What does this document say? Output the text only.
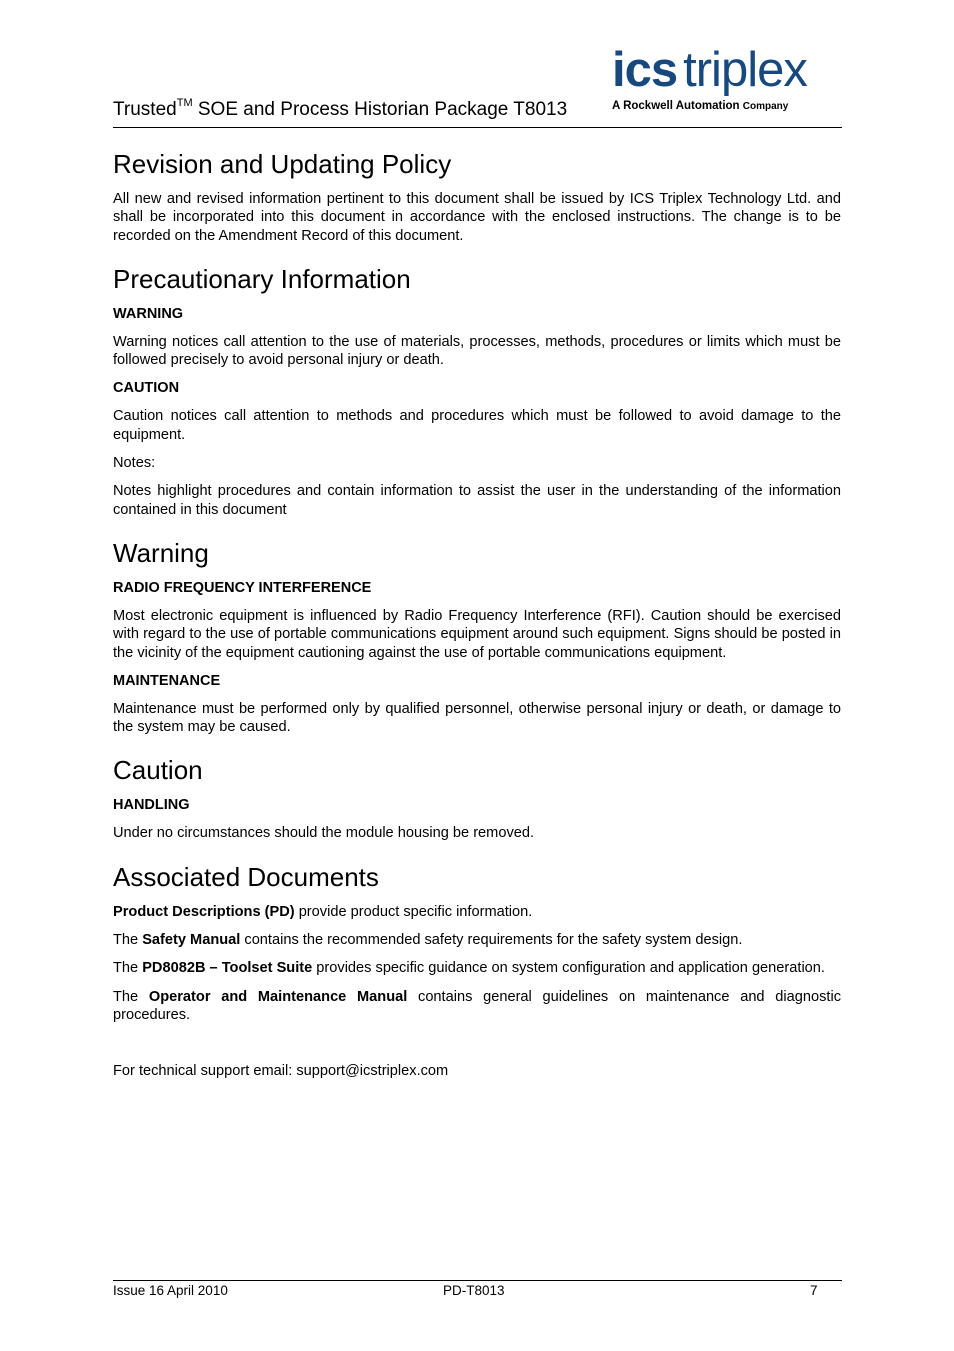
Trusted™ SOE and Process Historian Package T8013
ics triplex
A Rockwell Automation Company
Revision and Updating Policy

All new and revised information pertinent to this document shall be issued by ICS Triplex Technology Ltd. and shall be incorporated into this document in accordance with the enclosed instructions. The change is to be recorded on the Amendment Record of this document.

Precautionary Information
WARNING

Warning notices call attention to the use of materials, processes, methods, procedures or limits which must be followed precisely to avoid personal injury or death.

CAUTION

Caution notices call attention to methods and procedures which must be followed to avoid damage to the equipment.

Notes:

Notes highlight procedures and contain information to assist the user in the understanding of the information contained in this document

Warning
RADIO FREQUENCY INTERFERENCE

Most electronic equipment is influenced by Radio Frequency Interference (RFI). Caution should be exercised with regard to the use of portable communications equipment around such equipment. Signs should be posted in the vicinity of the equipment cautioning against the use of portable communications equipment.

MAINTENANCE

Maintenance must be performed only by qualified personnel, otherwise personal injury or death, or damage to the system may be caused.

Caution
HANDLING

Under no circumstances should the module housing be removed.

Associated Documents

Product Descriptions (PD) provide product specific information.

The Safety Manual contains the recommended safety requirements for the safety system design.

The PD8082B – Toolset Suite provides specific guidance on system configuration and application generation.

The Operator and Maintenance Manual contains general guidelines on maintenance and diagnostic procedures.

For technical support email: support@icstriplex.com

Issue 16 April 2010	PD-T8013	7
